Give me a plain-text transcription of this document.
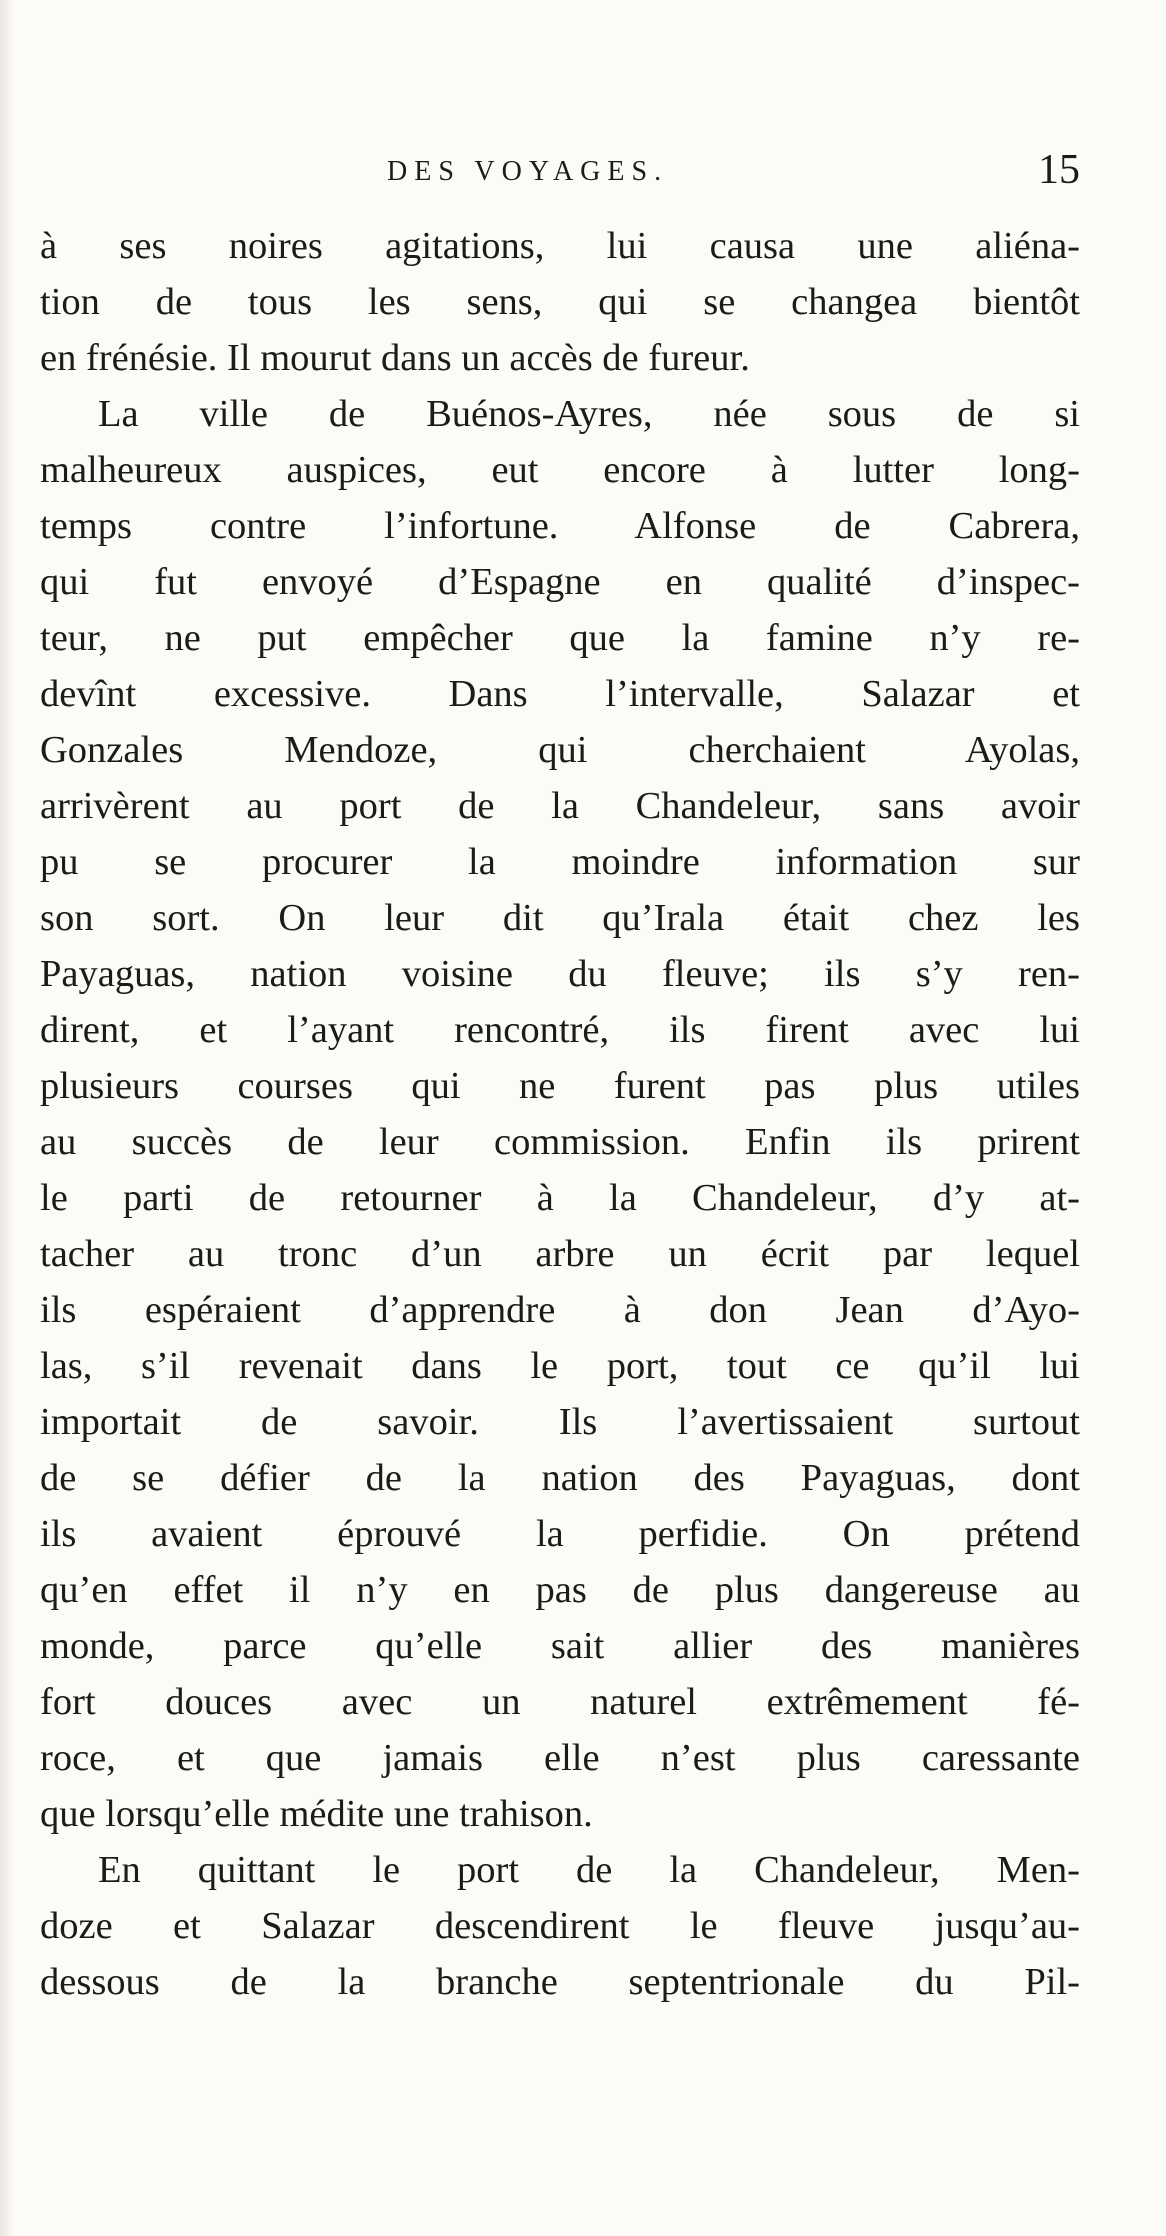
DES VOYAGES.	15
à ses noires agitations, lui causa une aliéna-
tion de tous les sens, qui se changea bientôt
en frénésie. Il mourut dans un accès de fureur.
La ville de Buénos-Ayres, née sous de si
malheureux auspices, eut encore à lutter long-
temps contre l’infortune. Alfonse de Cabrera,
qui fut envoyé d’Espagne en qualité d’inspec-
teur, ne put empêcher que la famine n’y re-
devînt excessive. Dans l’intervalle, Salazar et
Gonzales Mendoze, qui cherchaient Ayolas,
arrivèrent au port de la Chandeleur, sans avoir
pu se procurer la moindre information sur
son sort. On leur dit qu’Irala était chez les
Payaguas, nation voisine du fleuve; ils s’y ren-
dirent, et l’ayant rencontré, ils firent avec lui
plusieurs courses qui ne furent pas plus utiles
au succès de leur commission. Enfin ils prirent
le parti de retourner à la Chandeleur, d’y at-
tacher au tronc d’un arbre un écrit par lequel
ils espéraient d’apprendre à don Jean d’Ayo-
las, s’il revenait dans le port, tout ce qu’il lui
importait de savoir. Ils l’avertissaient surtout
de se défier de la nation des Payaguas, dont
ils avaient éprouvé la perfidie. On prétend
qu’en effet il n’y en pas de plus dangereuse au
monde, parce qu’elle sait allier des manières
fort douces avec un naturel extrêmement fé-
roce, et que jamais elle n’est plus caressante
que lorsqu’elle médite une trahison.
En quittant le port de la Chandeleur, Men-
doze et Salazar descendirent le fleuve jusqu’au-
dessous de la branche septentrionale du Pil-
